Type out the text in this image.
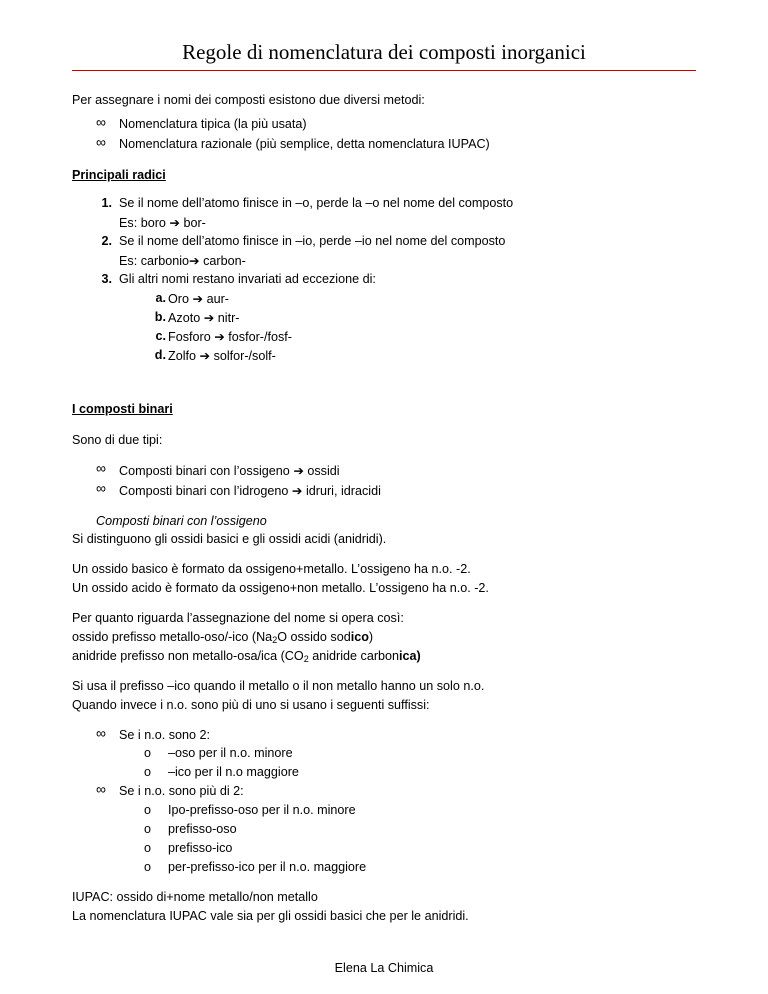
Regole di nomenclatura dei composti inorganici
Per assegnare i nomi dei composti esistono due diversi metodi:
∞ Nomenclatura tipica (la più usata)
∞ Nomenclatura razionale (più semplice, detta nomenclatura IUPAC)
Principali radici
1. Se il nome dell’atomo finisce in –o, perde la –o nel nome del composto
Es: boro ➔ bor-
2. Se il nome dell’atomo finisce in –io, perde –io nel nome del composto
Es: carbonio➔ carbon-
3. Gli altri nomi restano invariati ad eccezione di:
a. Oro ➔ aur-
b. Azoto ➔ nitr-
c. Fosforo ➔ fosfor-/fosf-
d. Zolfo ➔ solfor-/solf-
I composti binari
Sono di due tipi:
∞ Composti binari con l’ossigeno ➔ ossidi
∞ Composti binari con l’idrogeno ➔ idruri, idracidi
Composti binari con l’ossigeno
Si distinguono gli ossidi basici e gli ossidi acidi (anidridi).
Un ossido basico è formato da ossigeno+metallo. L’ossigeno ha n.o. -2.
Un ossido acido è formato da ossigeno+non metallo. L’ossigeno ha n.o. -2.
Per quanto riguarda l’assegnazione del nome si opera così:
ossido prefisso metallo-oso/-ico ($Na_2O$ ossido sodico)
anidride prefisso non metallo-osa/ica ($CO_2$ anidride carbonica)
Si usa il prefisso –ico quando il metallo o il non metallo hanno un solo n.o.
Quando invece i n.o. sono più di uno si usano i seguenti suffissi:
∞ Se i n.o. sono 2:
o –oso per il n.o. minore
o –ico per il n.o maggiore
∞ Se i n.o. sono più di 2:
o Ipo-prefisso-oso per il n.o. minore
o prefisso-oso
o prefisso-ico
o per-prefisso-ico per il n.o. maggiore
IUPAC: ossido di+nome metallo/non metallo
La nomenclatura IUPAC vale sia per gli ossidi basici che per le anidridi.
Elena La Chimica
